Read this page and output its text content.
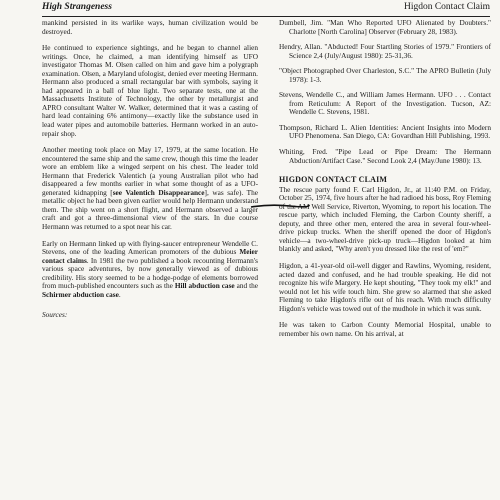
High Strangeness	Higdon Contact Claim

mankind persisted in its warlike ways, human civilization would be destroyed.

He continued to experience sightings, and he began to channel alien writings. Once, he claimed, a man identifying himself as UFO investigator Thomas M. Olsen called on him and gave him a polygraph examination. Olsen, a Maryland ufologist, denied ever meeting Hermann. Hermann also produced a small rectangular bar with symbols, saying it had appeared in a ball of blue light. Two separate tests, one at the Massachusetts Institute of Technology, the other by metallurgist and APRO consultant Walter W. Walker, determined that it was a casting of hard lead containing 6% antimony—exactly like the substance used in lead water pipes and automobile batteries. Hermann worked in an auto-repair shop.

Another meeting took place on May 17, 1979, at the same location. He encountered the same ship and the same crew, though this time the leader wore an emblem like a winged serpent on his chest. The leader told Hermann that Frederick Valentich (a young Australian pilot who had disappeared a few months earlier in what some thought of as a UFO-generated kidnapping [see Valentich Disappearance], was safe). The metallic object he had been given earlier would help Hermann understand them. The ship went on a short flight, and Hermann observed a larger craft and got a three-dimensional view of the stars. In due course Hermann was returned to a spot near his car.

Early on Hermann linked up with flying-saucer entrepreneur Wendelle C. Stevens, one of the leading American promoters of the dubious Meier contact claims. In 1981 the two published a book recounting Hermann's various space adventures, by now generally viewed as of dubious credibility. His story seemed to be a hodge-podge of elements borrowed from much-published encounters such as the Hill abduction case and the Schirmer abduction case.

Sources:
Dumbell, Jim. "Man Who Reported UFO Alienated by Doubters." Charlotte [North Carolina] Observer (February 28, 1983).
Hendry, Allan. "Abducted! Four Startling Stories of 1979." Frontiers of Science 2,4 (July/August 1980): 25-31,36.
"Object Photographed Over Charleston, S.C." The APRO Bulletin (July 1978): 1-3.
Stevens, Wendelle C., and William James Hermann. UFO . . . Contact from Reticulum: A Report of the Investigation. Tucson, AZ: Wendelle C. Stevens, 1981.
Thompson, Richard L. Alien Identities: Ancient Insights into Modern UFO Phenomena. San Diego, CA: Govardhan Hill Publishing, 1993.
Whiting, Fred. "Pipe Lead or Pipe Dream: The Hermann Abduction/Artifact Case." Second Look 2,4 (May/June 1980): 13.
HIGDON CONTACT CLAIM

The rescue party found F. Carl Higdon, Jr., at 11:40 P.M. on Friday, October 25, 1974, five hours after he had radioed his boss, Roy Fleming of the AM Well Service, Riverton, Wyoming, to report his location. The rescue party, which included Fleming, the Carbon County sheriff, a deputy, and three other men, entered the area in several four-wheel-drive pickup trucks. When the sheriff opened the door of Higdon's vehicle—a two-wheel-drive pick-up truck—Higdon looked at him blankly and asked, "Why aren't you dressed like the rest of 'em?"

Higdon, a 41-year-old oil-well digger and Rawlins, Wyoming, resident, acted dazed and confused, and he had trouble speaking. He did not recognize his wife Margery. He kept shouting, "They took my elk!" and would not let his wife touch him. She grew so alarmed that she asked Fleming to take Higdon's rifle out of his reach. With much difficulty Higdon's vehicle was towed out of the mudhole in which it was sunk.

He was taken to Carbon County Memorial Hospital, unable to remember his own name. On his arrival, at
